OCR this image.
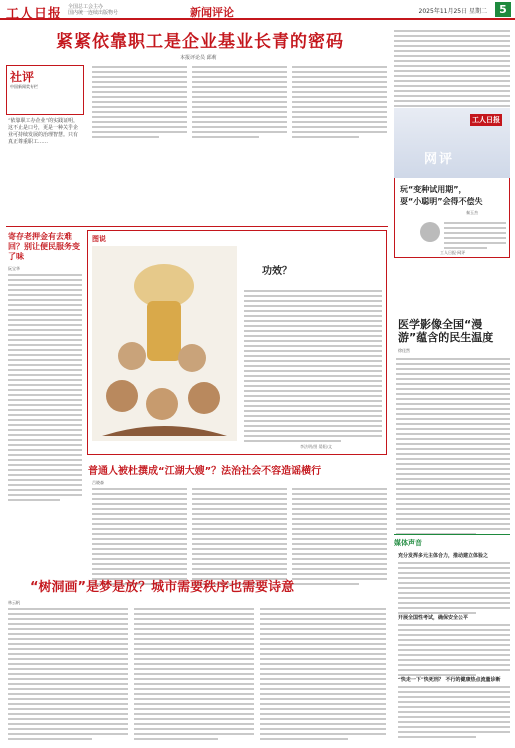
工人日报 全国总工会主办
国内统一连续出版物号	新闻评论	2025年11月25日 星期二	5
紧紧依靠职工是企业基业长青的密码
本报评论员 邱莉
社评
中国新闻奖专栏
“依靠职工办企业”的实践证明，这不止是口号，更是一种关乎企业可持续发展的治理智慧。只有真正尊重职工……
寄存老押金有去难回？别让便民服务变了味
阮宝华
图说
功效？
李法明/图 晏阳/文
普通人被杜撰成“江湖大嫂”？法治社会不容造谣横行
吕晓森
“树洞画”是梦是放？城市需要秩序也需要诗意
林云帆
工人日报
网评
玩“变种试用期”，
耍“小聪明”会得不偿失
秦玉杰
工人日报·网评
医学影像全国“漫游”蕴含的民生温度
徐佳然
媒体声音
充分发挥多元主体合力，推动建立体验之
开展全国性考试，确保安全公平
“快走一下”快死刑？ 不行的健康热点流量诊断
